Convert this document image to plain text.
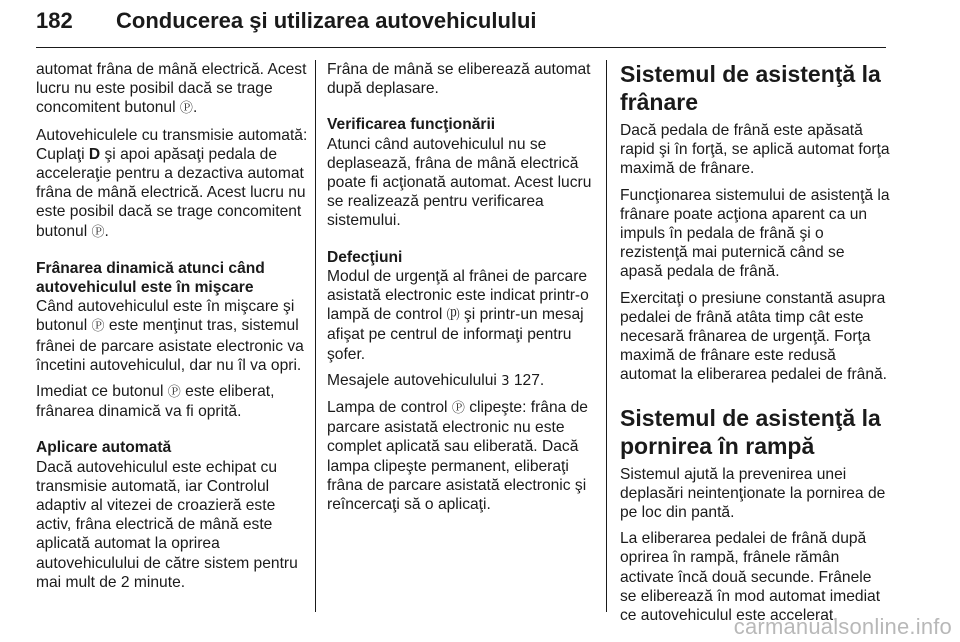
182 Conducerea şi utilizarea autovehiculului

automat frâna de mână electrică. Acest lucru nu este posibil dacă se trage concomitent butonul Ⓟ.

Autovehiculele cu transmisie automată: Cuplaţi D şi apoi apăsaţi pedala de acceleraţie pentru a dezactiva automat frâna de mână electrică. Acest lucru nu este posibil dacă se trage concomitent butonul Ⓟ.

Frânarea dinamică atunci când autovehiculul este în mişcare

Când autovehiculul este în mişcare şi butonul Ⓟ este menţinut tras, sistemul frânei de parcare asistate electronic va încetini autovehiculul, dar nu îl va opri.

Imediat ce butonul Ⓟ este eliberat, frânarea dinamică va fi oprită.

Aplicare automată

Dacă autovehiculul este echipat cu transmisie automată, iar Controlul adaptiv al vitezei de croazieră este activ, frâna electrică de mână este aplicată automat la oprirea autovehiculului de către sistem pentru mai mult de 2 minute.

Frâna de mână se eliberează automat după deplasare.

Verificarea funcţionării

Atunci când autovehiculul nu se deplasează, frâna de mână electrică poate fi acţionată automat. Acest lucru se realizează pentru verificarea sistemului.

Defecţiuni

Modul de urgenţă al frânei de parcare asistată electronic este indicat printr-o lampă de control ⒫ şi printr-un mesaj afişat pe centrul de informaţi pentru şofer.

Mesajele autovehiculului 3 127.

Lampa de control Ⓟ clipeşte: frâna de parcare asistată electronic nu este complet aplicată sau eliberată. Dacă lampa clipeşte permanent, eliberaţi frâna de parcare asistată electronic şi reîncercaţi să o aplicaţi.

Sistemul de asistenţă la frânare

Dacă pedala de frână este apăsată rapid şi în forţă, se aplică automat forţa maximă de frânare.

Funcţionarea sistemului de asistenţă la frânare poate acţiona aparent ca un impuls în pedala de frână şi o rezistenţă mai puternică când se apasă pedala de frână.

Exercitaţi o presiune constantă asupra pedalei de frână atâta timp cât este necesară frânarea de urgenţă. Forţa maximă de frânare este redusă automat la eliberarea pedalei de frână.

Sistemul de asistenţă la pornirea în rampă

Sistemul ajută la prevenirea unei deplasări neintenţionate la pornirea de pe loc din pantă.

La eliberarea pedalei de frână după oprirea în rampă, frânele rămân activate încă două secunde. Frânele se eliberează în mod automat imediat ce autovehiculul este accelerat.

carmanualsonline.info
